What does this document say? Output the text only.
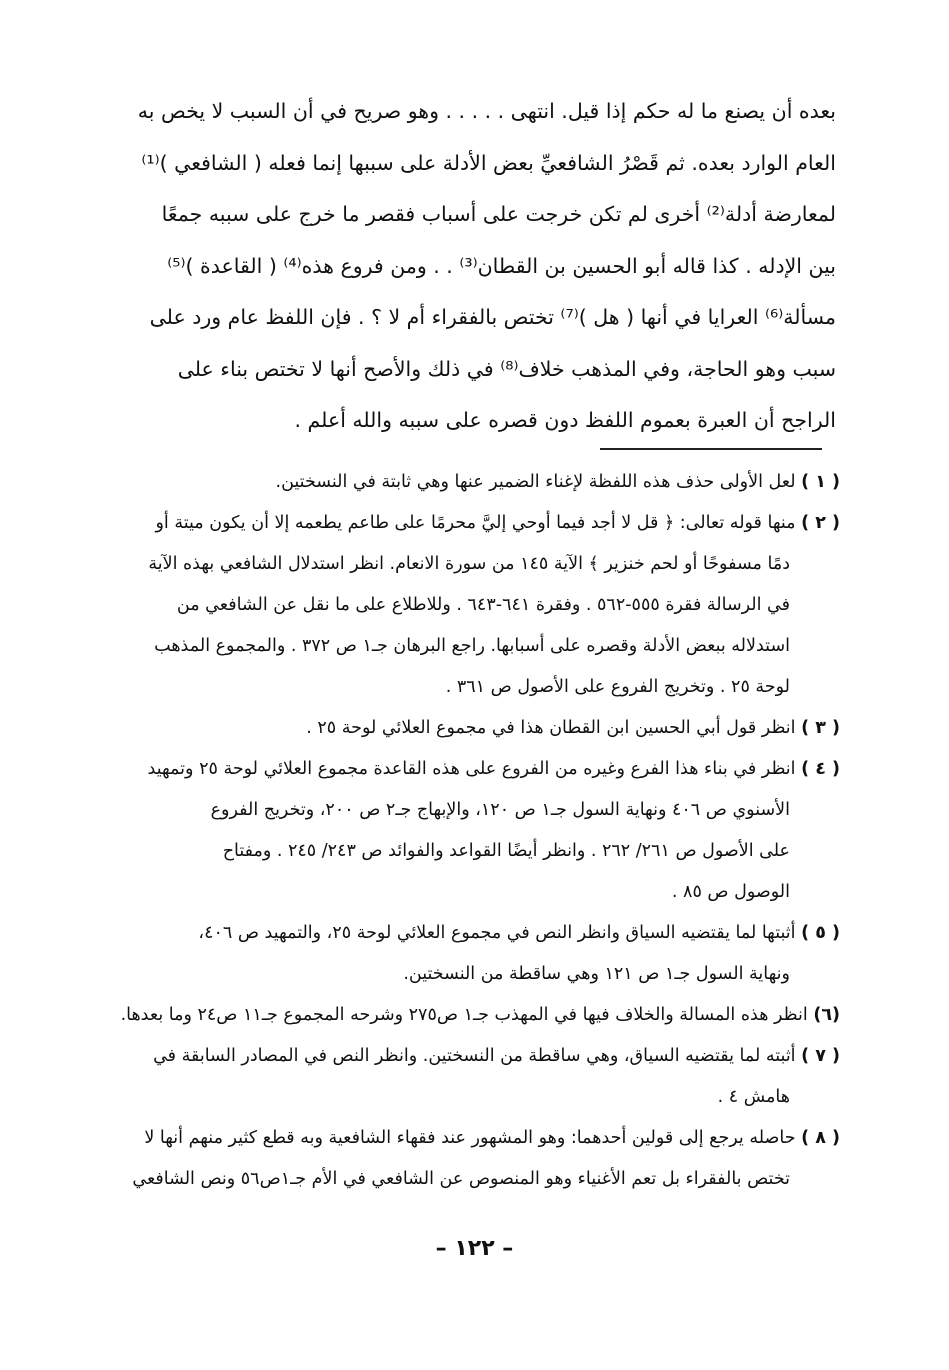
بعده أن يصنع ما له حكم إذا قيل. انتهى . . . . . وهو صريح في أن السبب لا يخص به
العام الوارد بعده. ثم قَصْرُ الشافعيِّ بعض الأدلة على سببها إنما فعله ( الشافعي )⁽¹⁾
لمعارضة أدلة⁽²⁾ أخرى لم تكن خرجت على أسباب فقصر ما خرج على سببه جمعًا
بين الإدله . كذا قاله أبو الحسين بن القطان⁽³⁾ . . ومن فروع هذه⁽⁴⁾ ( القاعدة )⁽⁵⁾
مسألة⁽⁶⁾ العرايا في أنها ( هل )⁽⁷⁾ تختص بالفقراء أم لا ؟ . فإن اللفظ عام ورد على
سبب وهو الحاجة، وفي المذهب خلاف⁽⁸⁾ في ذلك والأصح أنها لا تختص بناء على
الراجح أن العبرة بعموم اللفظ دون قصره على سببه والله أعلم .
( ١ ) لعل الأولى حذف هذه اللفظة لإغناء الضمير عنها وهي ثابتة في النسختين.
( ٢ ) منها قوله تعالى: ﴿ قل لا أجد فيما أوحي إليَّ محرمًا على طاعم يطعمه إلا أن يكون ميتة أو
دمًا مسفوحًا أو لحم خنزير ﴾ الآية ١٤٥ من سورة الانعام. انظر استدلال الشافعي بهذه الآية
في الرسالة فقرة ٥٥٥-٥٦٢ . وفقرة ٦٤١-٦٤٣ . وللاطلاع على ما نقل عن الشافعي من
استدلاله ببعض الأدلة وقصره على أسبابها. راجع البرهان جـ١ ص ٣٧٢ . والمجموع المذهب
لوحة ٢٥ . وتخريج الفروع على الأصول ص ٣٦١ .
( ٣ ) انظر قول أبي الحسين ابن القطان هذا في مجموع العلائي لوحة ٢٥ .
( ٤ ) انظر في بناء هذا الفرع وغيره من الفروع على هذه القاعدة مجموع العلائي لوحة ٢٥ وتمهيد
الأسنوي ص ٤٠٦ ونهاية السول جـ١ ص ١٢٠، والإبهاج جـ٢ ص ٢٠٠، وتخريج الفروع
على الأصول ص ٢٦١/ ٢٦٢ . وانظر أيضًا القواعد والفوائد ص ٢٤٣/ ٢٤٥ . ومفتاح
الوصول ص ٨٥ .
( ٥ ) أثبتها لما يقتضيه السياق وانظر النص في مجموع العلائي لوحة ٢٥، والتمهيد ص ٤٠٦،
ونهاية السول جـ١ ص ١٢١ وهي ساقطة من النسختين.
(٦) انظر هذه المسالة والخلاف فيها في المهذب جـ١ ص٢٧٥ وشرحه المجموع جـ١١ ص٢٤ وما بعدها.
( ٧ ) أثبته لما يقتضيه السياق، وهي ساقطة من النسختين. وانظر النص في المصادر السابقة في
هامش ٤ .
( ٨ ) حاصله يرجع إلى قولين أحدهما: وهو المشهور عند فقهاء الشافعية وبه قطع كثير منهم أنها لا
تختص بالفقراء بل تعم الأغنياء وهو المنصوص عن الشافعي في الأم جـ١ص٥٦ ونص الشافعي
– ١٢٢ –
